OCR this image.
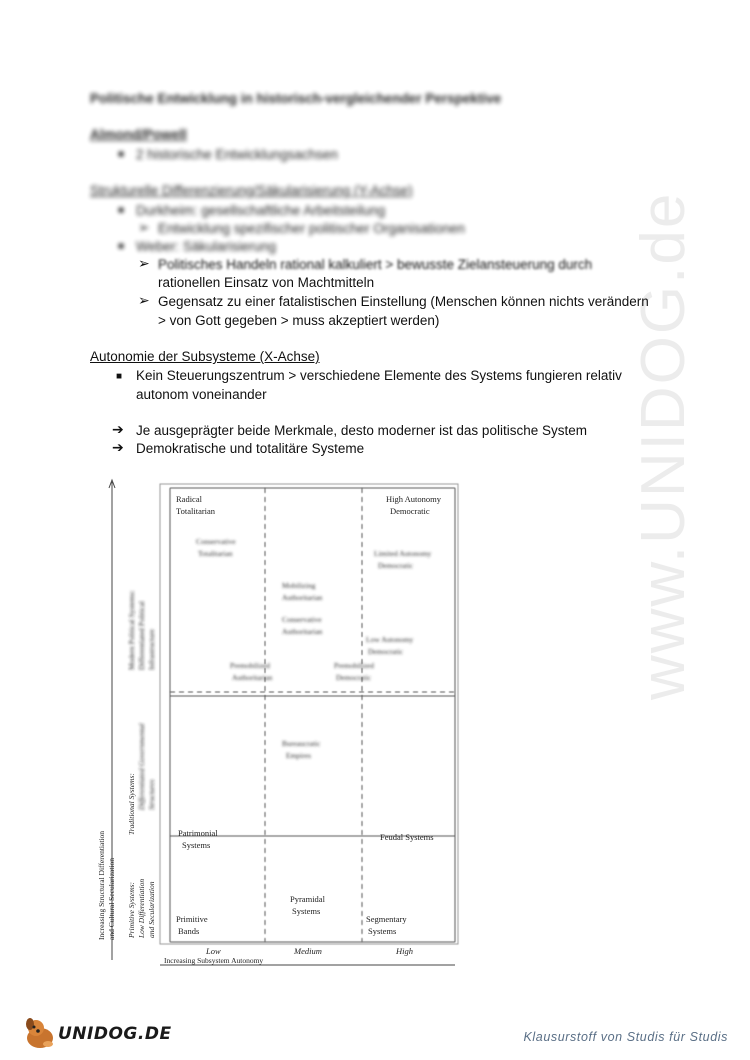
www.UNIDOG.de
Politische Entwicklung in historisch-vergleichender Perspektive
Almond/Powell
■ 2 historische Entwicklungsachsen
Strukturelle Differenzierung/Säkularisierung (Y-Achse)
■ Durkheim: gesellschaftliche Arbeitsteilung
➢ Entwicklung spezifischer politischer Organisationen
■ Weber: Säkularisierung
➢ Politisches Handeln rational kalkuliert > bewusste Zielansteuerung durch
rationellen Einsatz von Machtmitteln
➢ Gegensatz zu einer fatalistischen Einstellung (Menschen können nichts verändern
> von Gott gegeben > muss akzeptiert werden)
Autonomie der Subsysteme (X-Achse)
■ Kein Steuerungszentrum > verschiedene Elemente des Systems fungieren relativ
autonom voneinander
➔ Je ausgeprägter beide Merkmale, desto moderner ist das politische System
➔ Demokratische und totalitäre Systeme
Radical
Totalitarian
High Autonomy
Democratic
Patrimonial
Systems
Feudal Systems
Pyramidal
Systems
Primitive
Bands
Segmentary
Systems
Conservative
Totalitarian	Limited Autonomy
Democratic
Mobilizing
Authoritarian
Conservative
Authoritarian
Low Autonomy
Democratic
Premobilized
Authoritarian
Premobilized
Democratic
Bureaucratic
Empires
Low	Medium	High
Increasing Subsystem Autonomy
Increasing Structural Differentiation and Cultural Secularization Primitive Systems: Low Differentiation and Secularization
Traditional Systems: Differentiated Governmental Structures
Modern Political Systems: Differentiated Political Infrastructure
UNIDOG.DE	Klausurstoff von Studis für Studis
